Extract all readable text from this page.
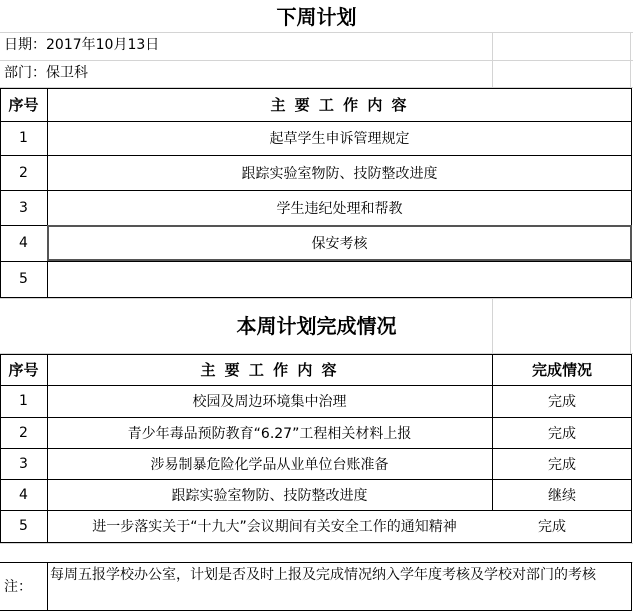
下周计划
日期：2017年10月13日
部门：保卫科
序号	主 要 工 作 内 容
1	起草学生申诉管理规定
2	跟踪实验室物防、技防整改进度
3	学生违纪处理和帮教
4	保安考核
5
本周计划完成情况
序号	主 要 工 作 内 容	完成情况
1	校园及周边环境集中治理	完成
2	青少年毒品预防教育“6.27”工程相关材料上报	完成
3	涉易制暴危险化学品从业单位台账准备	完成
4	跟踪实验室物防、技防整改进度	继续
5	进一步落实关于“十九大”会议期间有关安全工作的通知精神	完成
注：
每周五报学校办公室，计划是否及时上报及完成情况纳入学年度考核及学校对部门的考核
